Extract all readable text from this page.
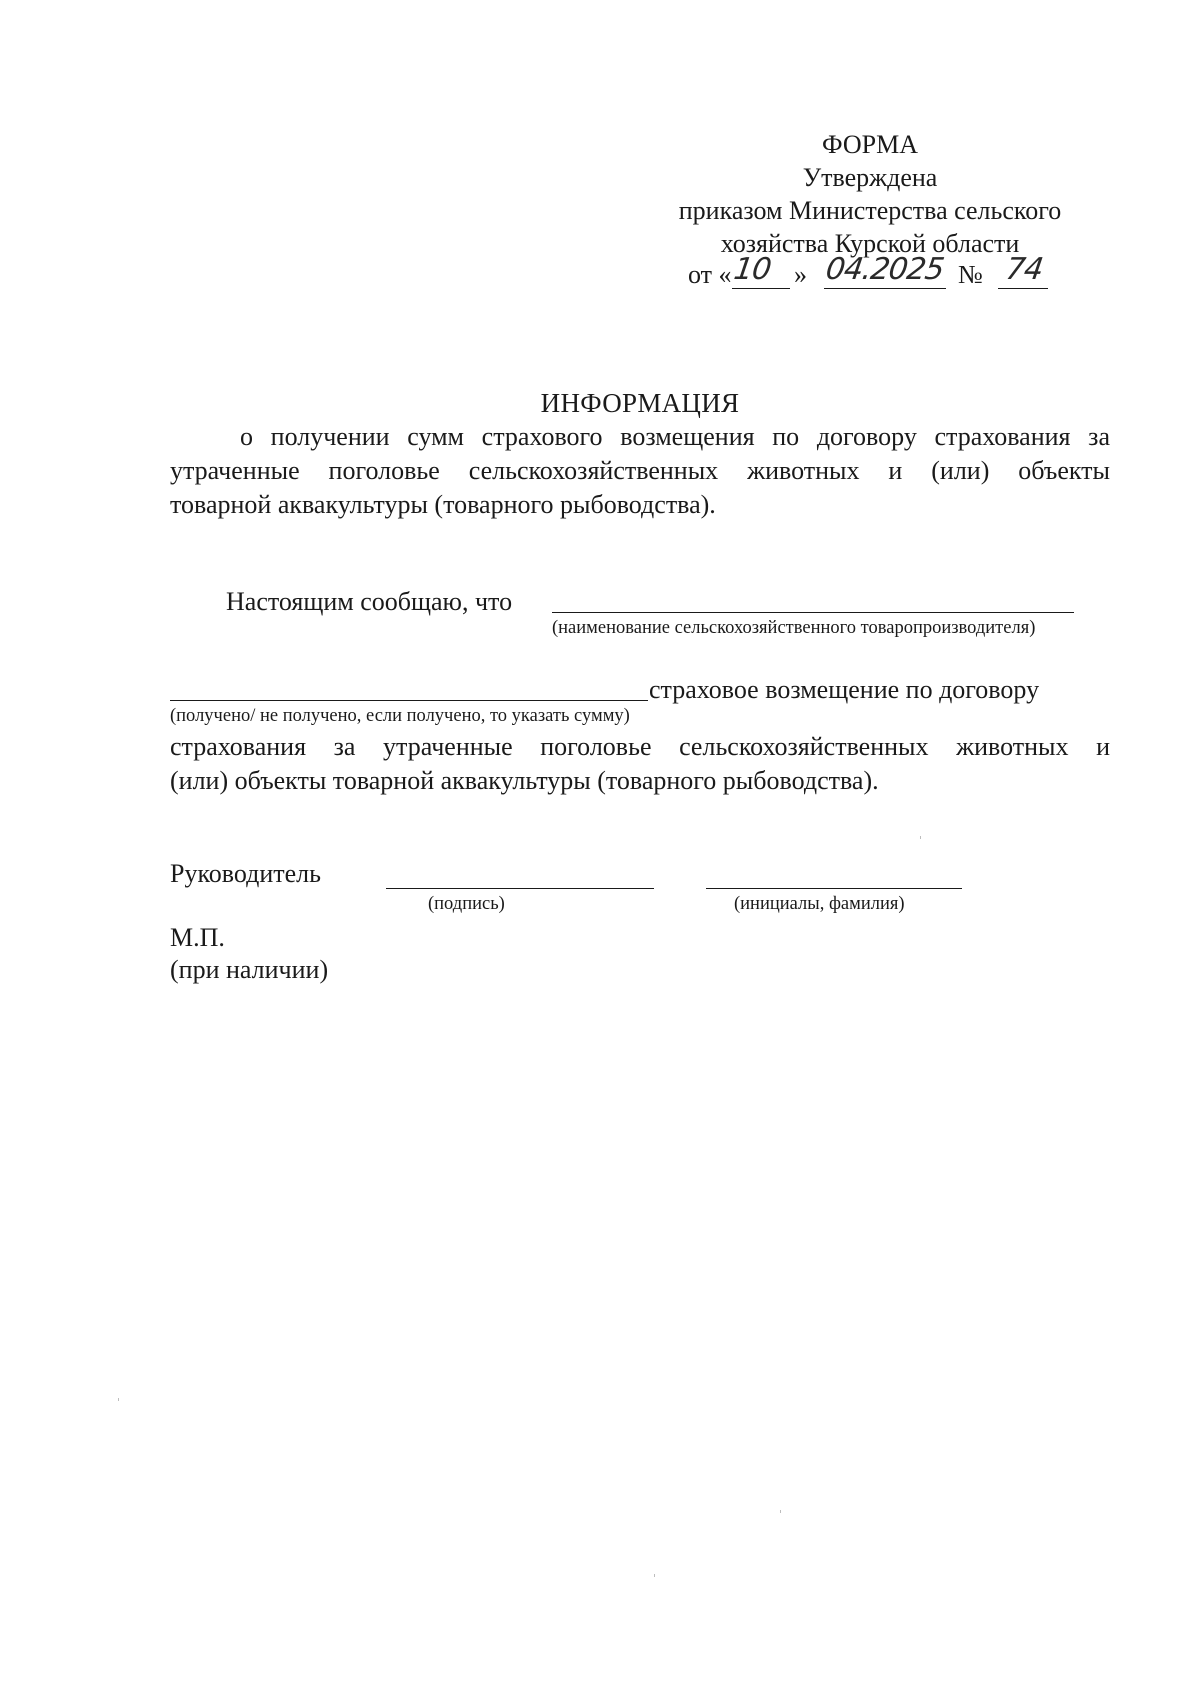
ФОРМА
Утверждена
приказом Министерства сельского
хозяйства Курской области
от « 10 » 04.2025 № 74
ИНФОРМАЦИЯ
о получении сумм страхового возмещения по договору страхования за
утраченные поголовье сельскохозяйственных животных и (или) объекты
товарной аквакультуры (товарного рыбоводства).
Настоящим сообщаю, что
(наименование сельскохозяйственного товаропроизводителя)
страховое возмещение по договору
(получено/ не получено, если получено, то указать сумму)
страхования за утраченные поголовье сельскохозяйственных животных и
(или) объекты товарной аквакультуры (товарного рыбоводства).
Руководитель
(подпись)	(инициалы, фамилия)
М.П.
(при наличии)
